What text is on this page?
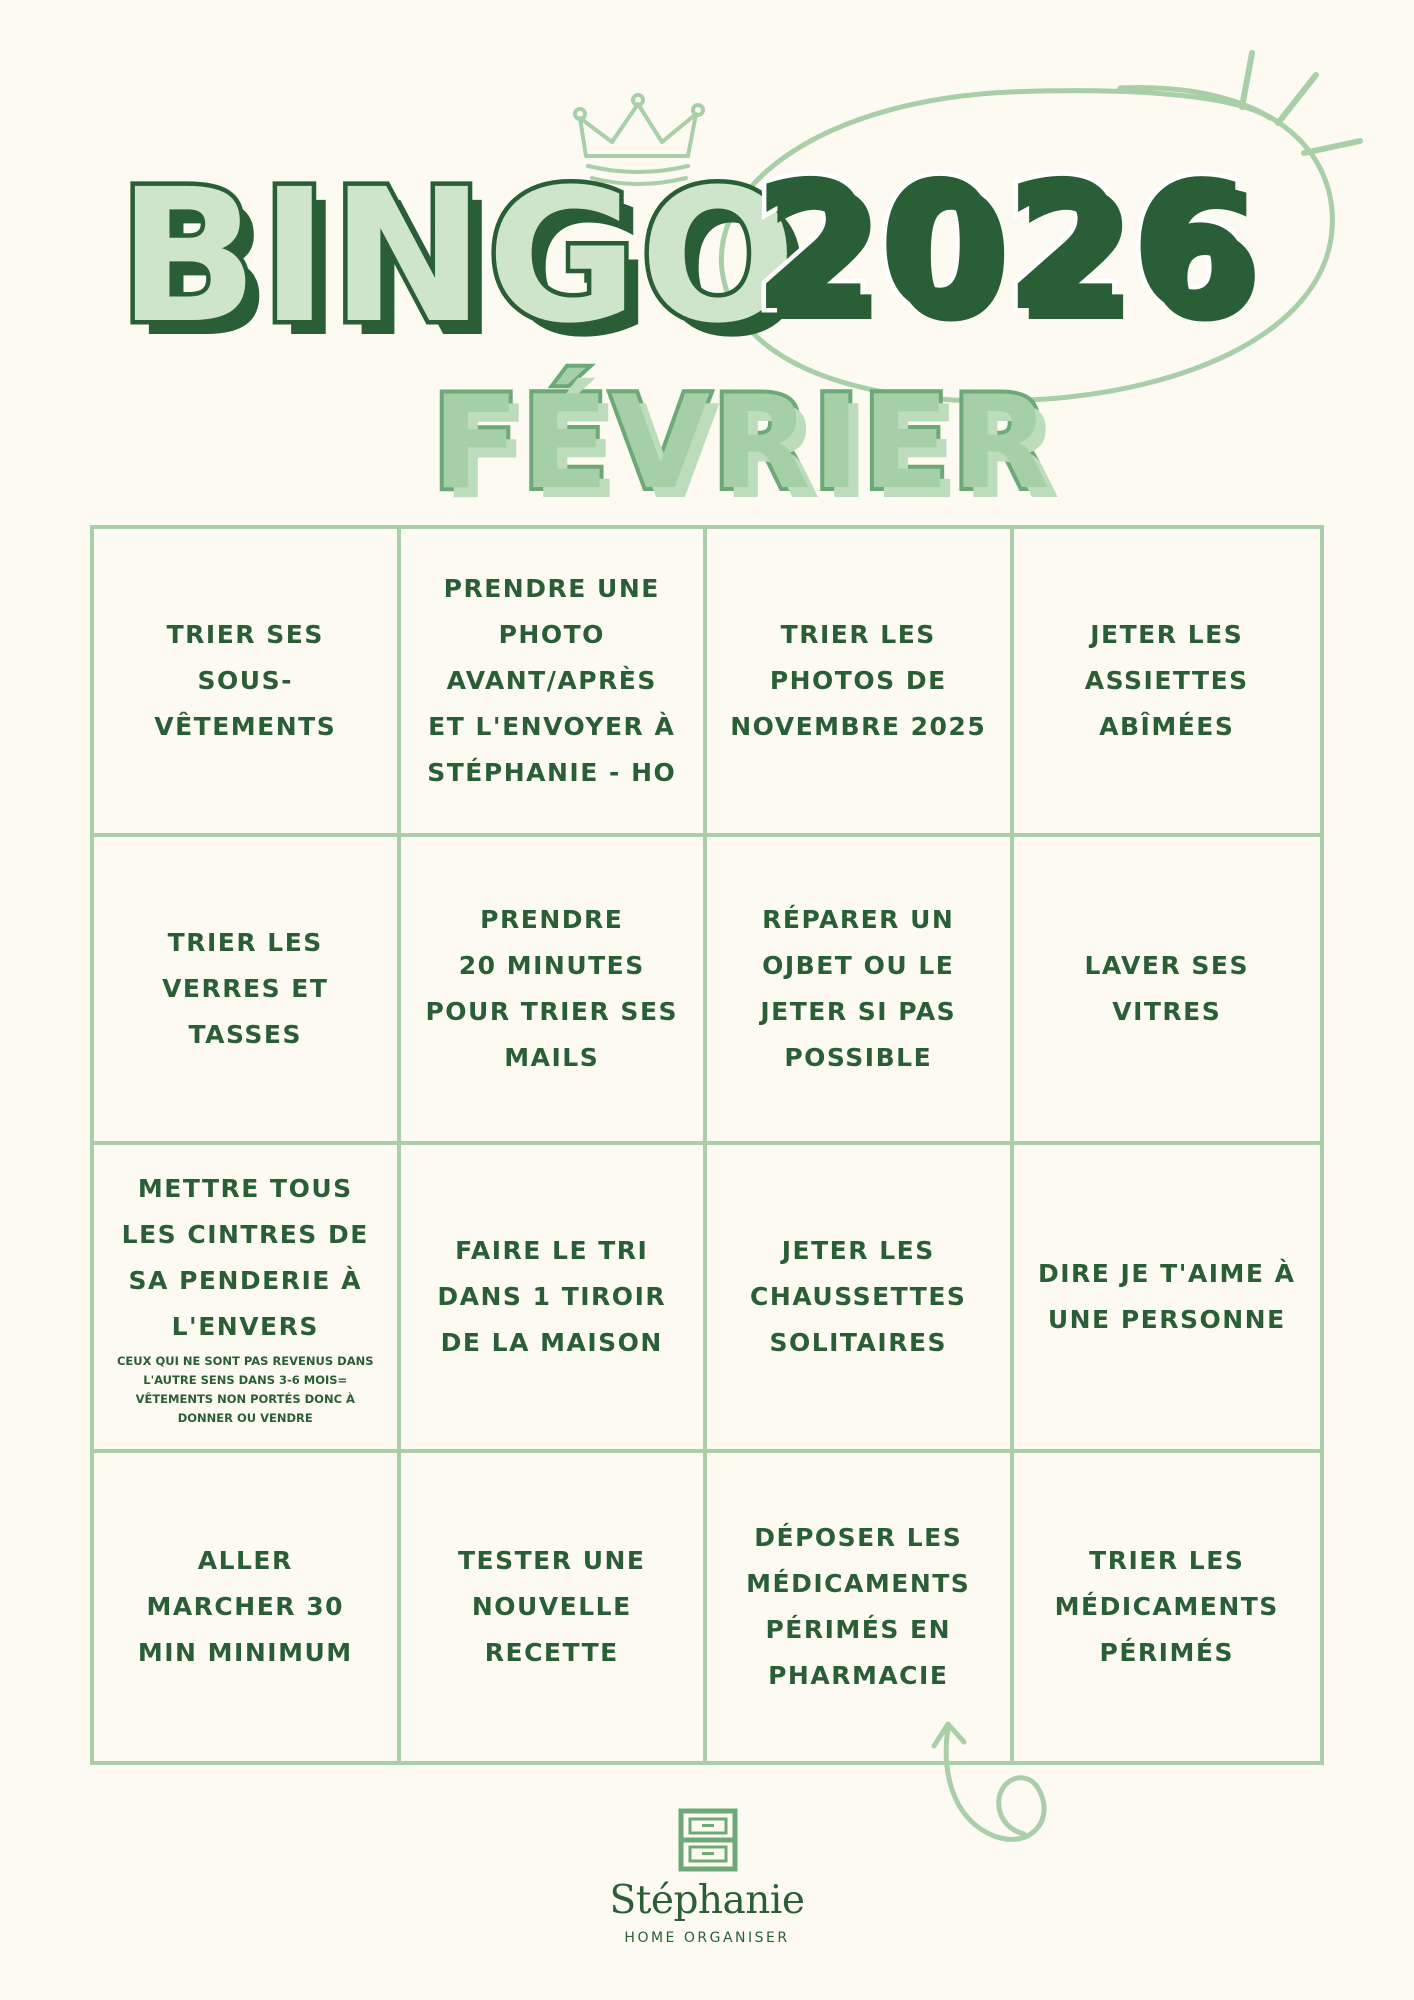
BINGO
2026
FÉVRIER
TRIER SES SOUS-
VÊTEMENTS
PRENDRE UNE
PHOTO
AVANT/APRÈS
ET L'ENVOYER À
STÉPHANIE - HO
TRIER LES
PHOTOS DE
NOVEMBRE 2025
JETER LES
ASSIETTES
ABÎMÉES
TRIER LES
VERRES ET
TASSES
PRENDRE
20 MINUTES
POUR TRIER SES
MAILS
RÉPARER UN
OJBET OU LE
JETER SI PAS
POSSIBLE
LAVER SES
VITRES
METTRE TOUS
LES CINTRES DE
SA PENDERIE À
L'ENVERS
CEUX QUI NE SONT PAS REVENUS DANS
L'AUTRE SENS DANS 3-6 MOIS=
VÊTEMENTS NON PORTÉS DONC À
DONNER OU VENDRE
FAIRE LE TRI
DANS 1 TIROIR
DE LA MAISON
JETER LES
CHAUSSETTES
SOLITAIRES
DIRE JE T'AIME À
UNE PERSONNE
ALLER
MARCHER 30
MIN MINIMUM
TESTER UNE
NOUVELLE
RECETTE
DÉPOSER LES
MÉDICAMENTS
PÉRIMÉS EN
PHARMACIE
TRIER LES
MÉDICAMENTS
PÉRIMÉS

Stéphanie

HOME ORGANISER
